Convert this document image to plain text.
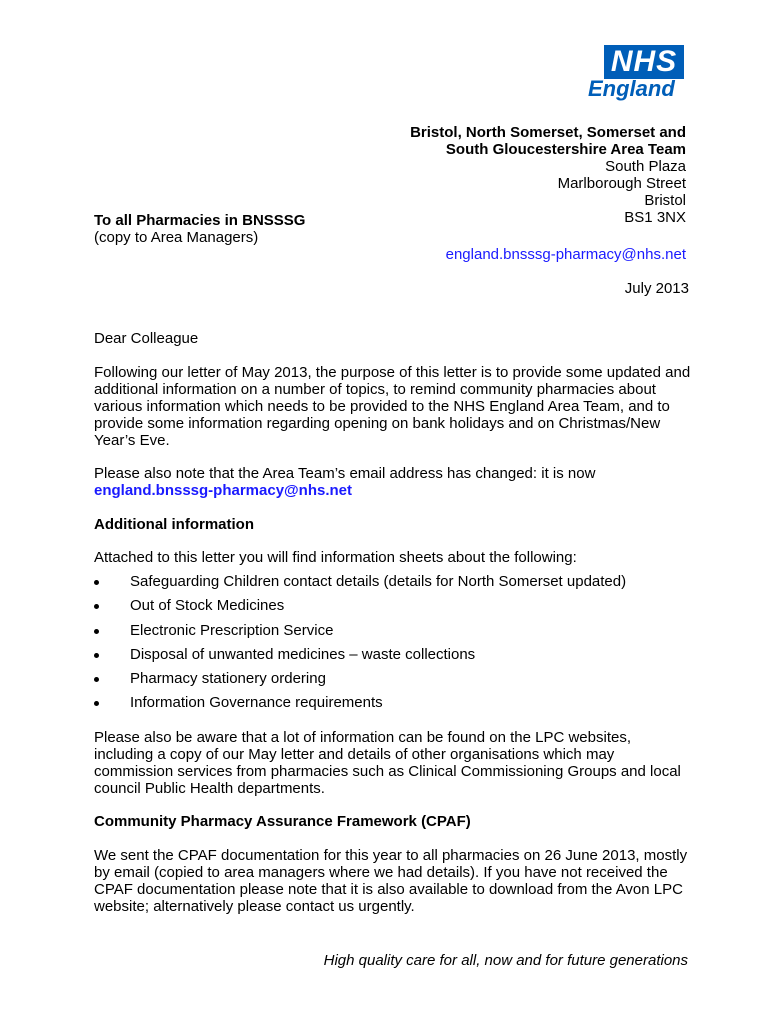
NHS
England
Bristol, North Somerset, Somerset and
South Gloucestershire Area Team
South Plaza
Marlborough Street
Bristol
BS1 3NX
To all Pharmacies in BNSSSG
(copy to Area Managers)
england.bnsssg-pharmacy@nhs.net
July 2013
Dear Colleague
Following our letter of May 2013, the purpose of this letter is to provide some updated and additional information on a number of topics, to remind community pharmacies about various information which needs to be provided to the NHS England Area Team, and to provide some information regarding opening on bank holidays and on Christmas/New Year’s Eve.
Please also note that the Area Team’s email address has changed: it is now
england.bnsssg-pharmacy@nhs.net
Additional information
Attached to this letter you will find information sheets about the following:
Safeguarding Children contact details (details for North Somerset updated)
Out of Stock Medicines
Electronic Prescription Service
Disposal of unwanted medicines – waste collections
Pharmacy stationery ordering
Information Governance requirements
Please also be aware that a lot of information can be found on the LPC websites, including a copy of our May letter and details of other organisations which may commission services from pharmacies such as Clinical Commissioning Groups and local council Public Health departments.
Community Pharmacy Assurance Framework (CPAF)
We sent the CPAF documentation for this year to all pharmacies on 26 June 2013, mostly by email (copied to area managers where we had details). If you have not received the CPAF documentation please note that it is also available to download from the Avon LPC website; alternatively please contact us urgently.
High quality care for all, now and for future generations
